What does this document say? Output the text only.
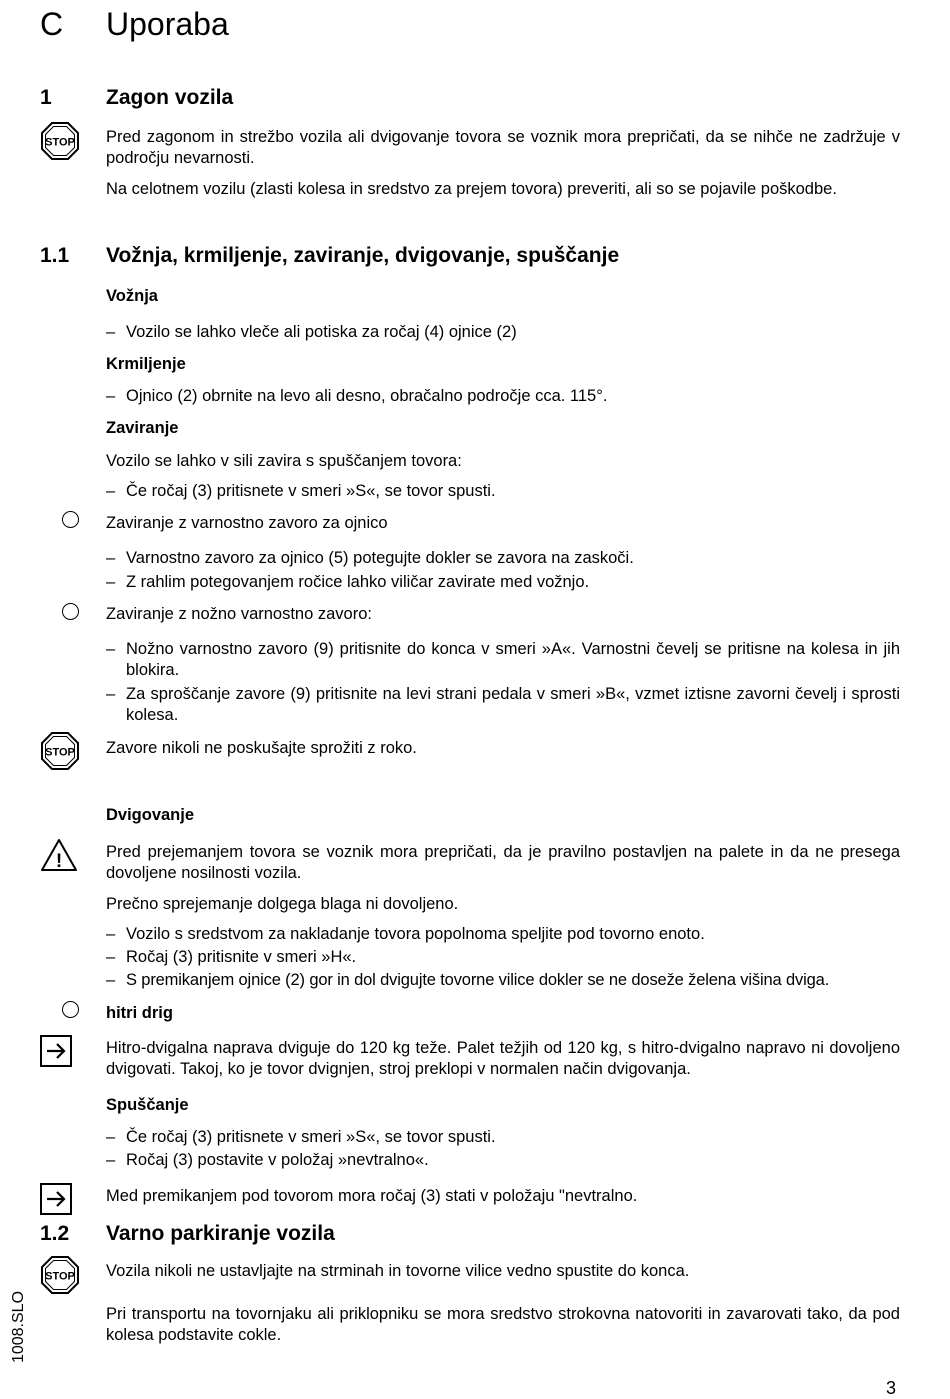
C Uporaba
1	Zagon vozila
STOP Pred zagonom in strežbo vozila ali dvigovanje tovora se voznik mora prepričati, da se nihče ne zadržuje v področju nevarnosti.
Na celotnem vozilu (zlasti kolesa in sredstvo za prejem tovora) preveriti, ali so se pojavile poškodbe.
1.1 Vožnja, krmiljenje, zaviranje, dvigovanje, spuščanje
Vožnja
– Vozilo se lahko vleče ali potiska za ročaj (4) ojnice (2)
Krmiljenje
– Ojnico (2) obrnite na levo ali desno, obračalno področje cca. 115°.
Zaviranje
Vozilo se lahko v sili zavira s spuščanjem tovora:
– Če ročaj (3) pritisnete v smeri »S«, se tovor spusti.
Zaviranje z varnostno zavoro za ojnico
– Varnostno zavoro za ojnico (5) potegujte dokler se zavora na zaskoči.
– Z rahlim potegovanjem ročice lahko viličar zavirate med vožnjo.
Zaviranje z nožno varnostno zavoro:
– Nožno varnostno zavoro (9) pritisnite do konca v smeri »A«. Varnostni čevelj se pritisne na kolesa in jih blokira.
– Za sproščanje zavore (9) pritisnite na levi strani pedala v smeri »B«, vzmet iztisne zavorni čevelj i sprosti kolesa.
STOP Zavore nikoli ne poskušajte sprožiti z roko.
Dvigovanje
!	Pred prejemanjem tovora se voznik mora prepričati, da je pravilno postavljen na palete in da ne presega dovoljene nosilnosti vozila.
Prečno sprejemanje dolgega blaga ni dovoljeno.
– Vozilo s sredstvom za nakladanje tovora popolnoma speljite pod tovorno enoto.
– Ročaj (3) pritisnite v smeri »H«.
– S premikanjem ojnice (2) gor in dol dvigujte tovorne vilice dokler se ne doseže želena višina dviga.
hitri drig
Hitro-dvigalna naprava dviguje do 120 kg teže. Palet težjih od 120 kg, s hitro-dvigalno napravo ni dovoljeno dvigovati. Takoj, ko je tovor dvignjen, stroj preklopi v normalen način dvigovanja.
Spuščanje
– Če ročaj (3) pritisnete v smeri »S«, se tovor spusti.
– Ročaj (3) postavite v položaj »nevtralno«.
Med premikanjem pod tovorom mora ročaj (3) stati v položaju "nevtralno.
1.2 Varno parkiranje vozila
STOP Vozila nikoli ne ustavljajte na strminah in tovorne vilice vedno spustite do konca.
Pri transportu na tovornjaku ali priklopniku se mora sredstvo strokovna natovoriti in zavarovati tako, da pod kolesa podstavite cokle.
1008.SLO
3
